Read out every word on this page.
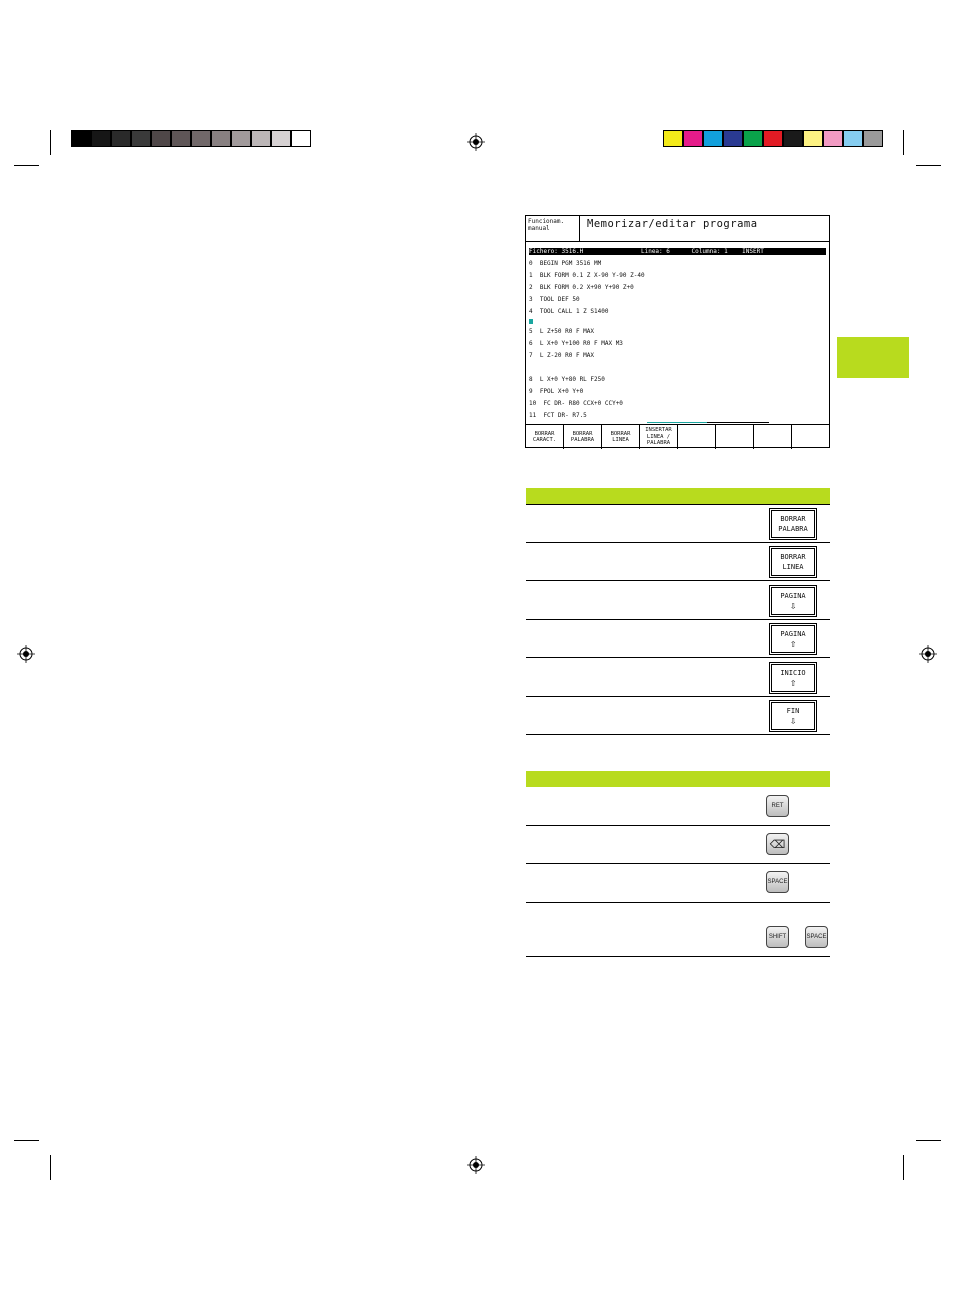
Funcionam.
manual	Memorizar/editar programa
Fichero: 3516.H                Linea: 6      Columna: 1    INSERT
0  BEGIN PGM 3516 MM
1  BLK FORM 0.1 Z X-90 Y-90 Z-40
2  BLK FORM 0.2 X+90 Y+90 Z+0
3  TOOL DEF 50
4  TOOL CALL 1 Z S1400
5  L Z+50 R0 F MAX
6  L X+0 Y+100 R0 F MAX M3
7  L Z-20 R0 F MAX
8  L X+0 Y+80 RL F250
9  FPOL X+0 Y+0
10  FC DR- R80 CCX+0 CCY+0
11  FCT DR- R7.5
BORRAR
CARACT.
BORRAR
PALABRA
BORRAR
LINEA
INSERTAR
LINEA /
PALABRA
BORRAR
PALABRA
BORRAR
LINEA
PAGINA
⇩
PAGINA
⇧
INICIO
⇧
FIN
⇩
RET
⌫
SPACE
SHIFT	SPACE
